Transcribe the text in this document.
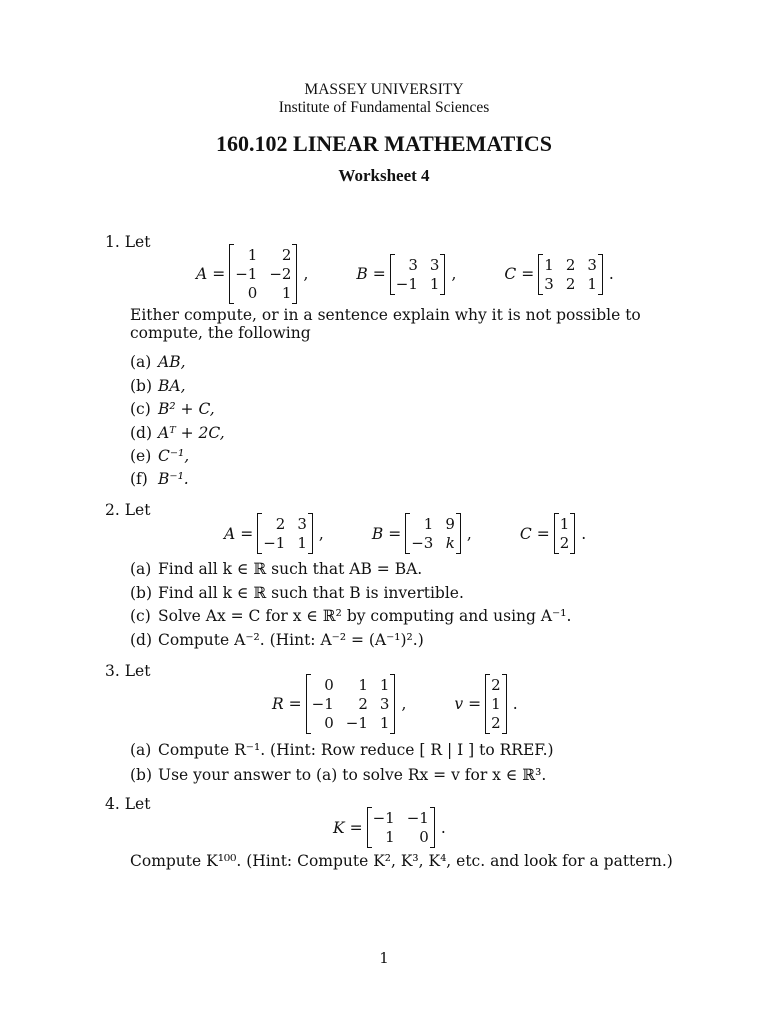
MASSEY UNIVERSITY
Institute of Fundamental Sciences
160.102 LINEAR MATHEMATICS
Worksheet 4
1. Let
A =
1 2
−1 −2
0 1
,	B =
3 3
−1 1
,	C =
1 2 3
3 2 1
.
Either compute, or in a sentence explain why it is not possible to compute, the following
(a) AB,
(b) BA,
(c) B² + C,
(d) Aᵀ + 2C,
(e) C⁻¹,
(f) B⁻¹.
2. Let
A =
2 3
−1 1
,	B =
1 9
−3 k
,	C =
1
2
.
(a) Find all k ∈ ℝ such that AB = BA.
(b) Find all k ∈ ℝ such that B is invertible.
(c) Solve Ax = C for x ∈ ℝ² by computing and using A⁻¹.
(d) Compute A⁻². (Hint: A⁻² = (A⁻¹)².)
3. Let
R =
0 1 1
−1 2 3
0 −1 1
,	v =
2
1
2
.
(a) Compute R⁻¹. (Hint: Row reduce [ R | I ] to RREF.)
(b) Use your answer to (a) to solve Rx = v for x ∈ ℝ³.
4. Let
K =
−1 −1
1 0
.
Compute K¹⁰⁰. (Hint: Compute K², K³, K⁴, etc. and look for a pattern.)
1
